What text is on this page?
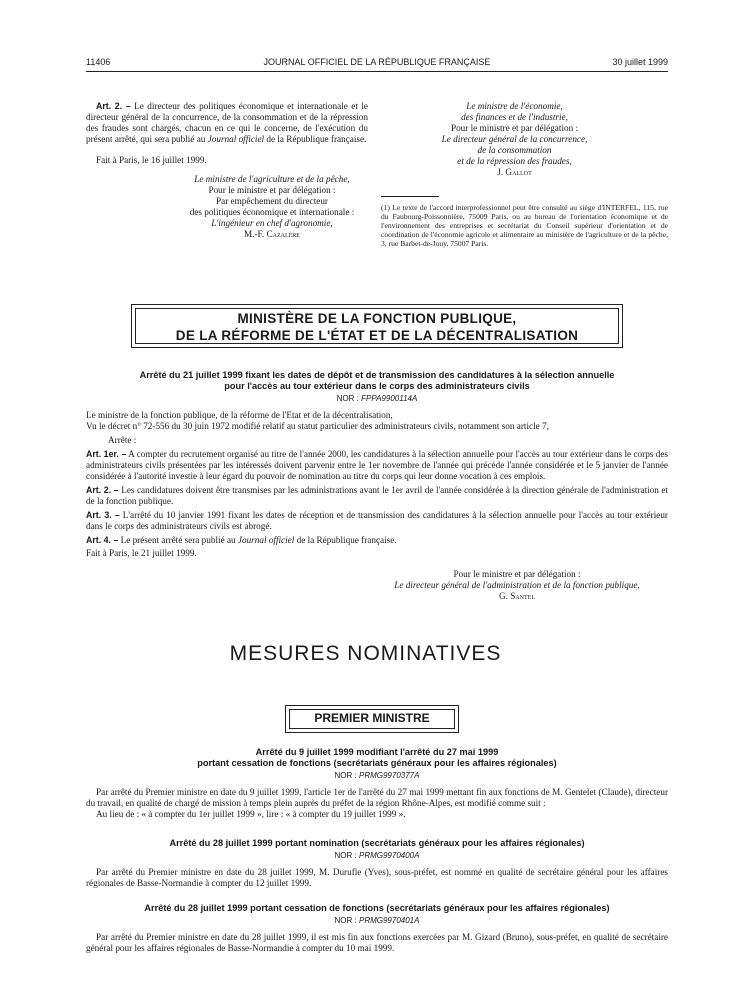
11406	JOURNAL OFFICIEL DE LA RÉPUBLIQUE FRANÇAISE	30 juillet 1999

Art. 2. – Le directeur des politiques économique et internationale et le directeur général de la concurrence, de la consommation et de la répression des fraudes sont chargés, chacun en ce qui le concerne, de l'exécution du présent arrêté, qui sera publié au Journal officiel de la République française.

Fait à Paris, le 16 juillet 1999.

Le ministre de l'agriculture et de la pêche,

Pour le ministre et par délégation :

Par empêchement du directeur

des politiques économique et internationale :

L'ingénieur en chef d'agronomie,

M.-F. Cazalère

Le ministre de l'économie,

des finances et de l'industrie,

Pour le ministre et par délégation :

Le directeur général de la concurrence,

de la consommation

et de la répression des fraudes,

J. Gallot

(1) Le texte de l'accord interprofessionnel peut être consulté au siège d'INTERFEL, 115, rue du Faubourg-Poissonnière, 75009 Paris, ou au bureau de l'orientation économique et de l'environnement des entreprises et secrétariat du Conseil supérieur d'orientation et de coordination de l'économie agricole et alimentaire au ministère de l'agriculture et de la pêche, 3, rue Barbet-de-Jouy, 75007 Paris.

MINISTÈRE DE LA FONCTION PUBLIQUE,
DE LA RÉFORME DE L'ÉTAT ET DE LA DÉCENTRALISATION
Arrêté du 21 juillet 1999 fixant les dates de dépôt et de transmission des candidatures à la sélection annuelle
pour l'accès au tour extérieur dans le corps des administrateurs civils
NOR : FPPA9900114A

Le ministre de la fonction publique, de la réforme de l'Etat et de la décentralisation,

Vu le décret n° 72-556 du 30 juin 1972 modifié relatif au statut particulier des administrateurs civils, notamment son article 7,

Arrête :

Art. 1er. – A compter du recrutement organisé au titre de l'année 2000, les candidatures à la sélection annuelle pour l'accès au tour extérieur dans le corps des administrateurs civils présentées par les intéressés doivent parvenir entre le 1er novembre de l'année qui précède l'année considérée et le 5 janvier de l'année considérée à l'autorité investie à leur égard du pouvoir de nomination au titre du corps qui leur donne vocation à ces emplois.

Art. 2. – Les candidatures doivent être transmises par les administrations avant le 1er avril de l'année considérée à la direction générale de l'administration et de la fonction publique.

Art. 3. – L'arrêté du 10 janvier 1991 fixant les dates de réception et de transmission des candidatures à la sélection annuelle pour l'accès au tour extérieur dans le corps des administrateurs civils est abrogé.

Art. 4. – Le présent arrêté sera publié au Journal officiel de la République française.

Fait à Paris, le 21 juillet 1999.

Pour le ministre et par délégation :

Le directeur général de l'administration et de la fonction publique,

G. Santel

MESURES NOMINATIVES
PREMIER MINISTRE
Arrêté du 9 juillet 1999 modifiant l'arrêté du 27 mai 1999
portant cessation de fonctions (secrétariats généraux pour les affaires régionales)
NOR : PRMG9970377A

Par arrêté du Premier ministre en date du 9 juillet 1999, l'article 1er de l'arrêté du 27 mai 1999 mettant fin aux fonctions de M. Gentelet (Claude), directeur du travail, en qualité de chargé de mission à temps plein auprès du préfet de la région Rhône-Alpes, est modifié comme suit :

Au lieu de : « à compter du 1er juillet 1999 », lire : « à compter du 19 juillet 1999 ».

Arrêté du 28 juillet 1999 portant nomination (secrétariats généraux pour les affaires régionales)
NOR : PRMG9970400A

Par arrêté du Premier ministre en date du 28 juillet 1999, M. Durufle (Yves), sous-préfet, est nommé en qualité de secrétaire général pour les affaires régionales de Basse-Normandie à compter du 12 juillet 1999.

Arrêté du 28 juillet 1999 portant cessation de fonctions (secrétariats généraux pour les affaires régionales)
NOR : PRMG9970401A

Par arrêté du Premier ministre en date du 28 juillet 1999, il est mis fin aux fonctions exercées par M. Gizard (Bruno), sous-préfet, en qualité de secrétaire général pour les affaires régionales de Basse-Normandie à compter du 10 mai 1999.
